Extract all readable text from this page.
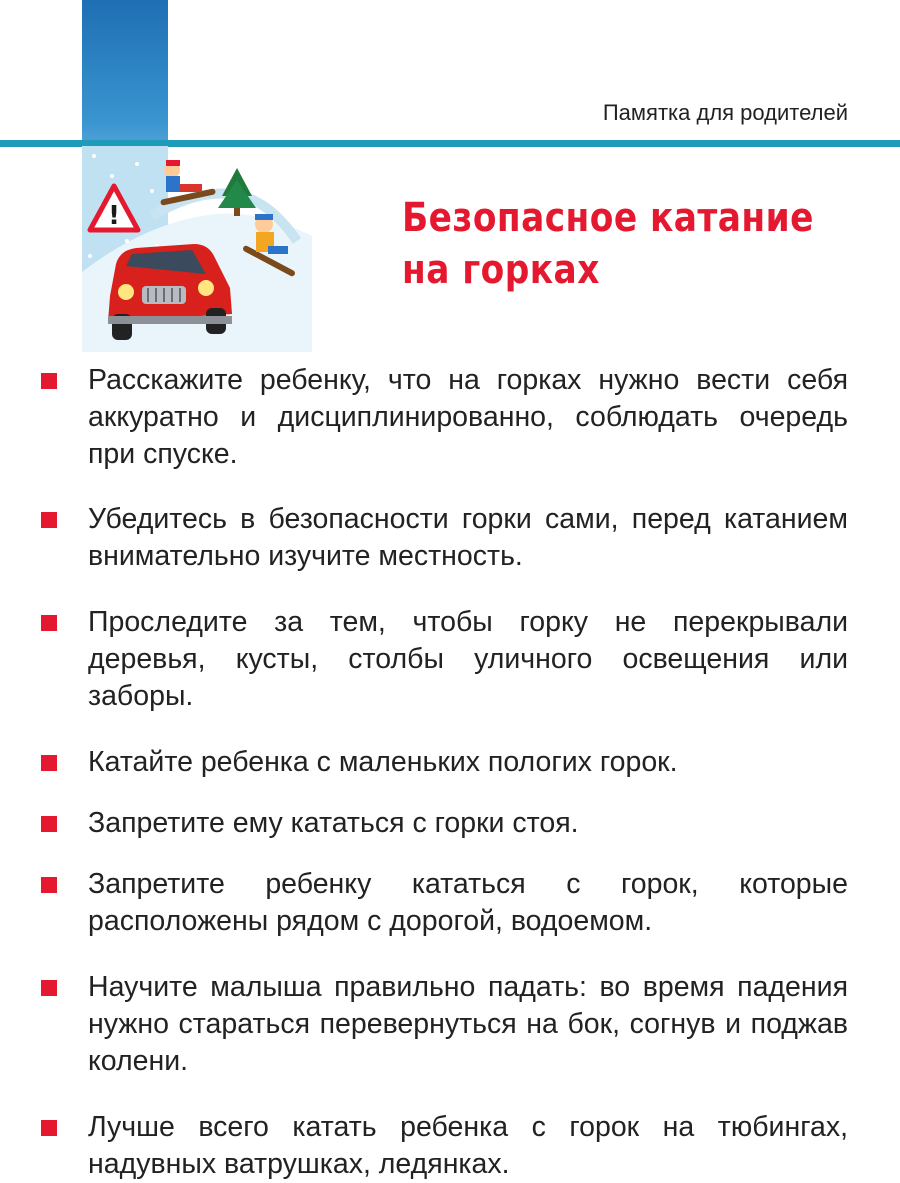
Памятка для родителей
!	Безопасное катание
на горках
Расскажите ребенку, что на горках нужно вести себя аккуратно и дисциплинированно, соблюдать очередь при спуске.
Убедитесь в безопасности горки сами, перед катанием внимательно изучите местность.
Проследите за тем, чтобы горку не перекрывали деревья, кусты, столбы уличного освещения или заборы.
Катайте ребенка с маленьких пологих горок.
Запретите ему кататься с горки стоя.
Запретите ребенку кататься с горок, которые расположены рядом с дорогой, водоемом.
Научите малыша правильно падать: во время падения нужно стараться перевернуться на бок, согнув и поджав колени.
Лучше всего катать ребенка с горок на тюбингах, надувных ватрушках, ледянках.
